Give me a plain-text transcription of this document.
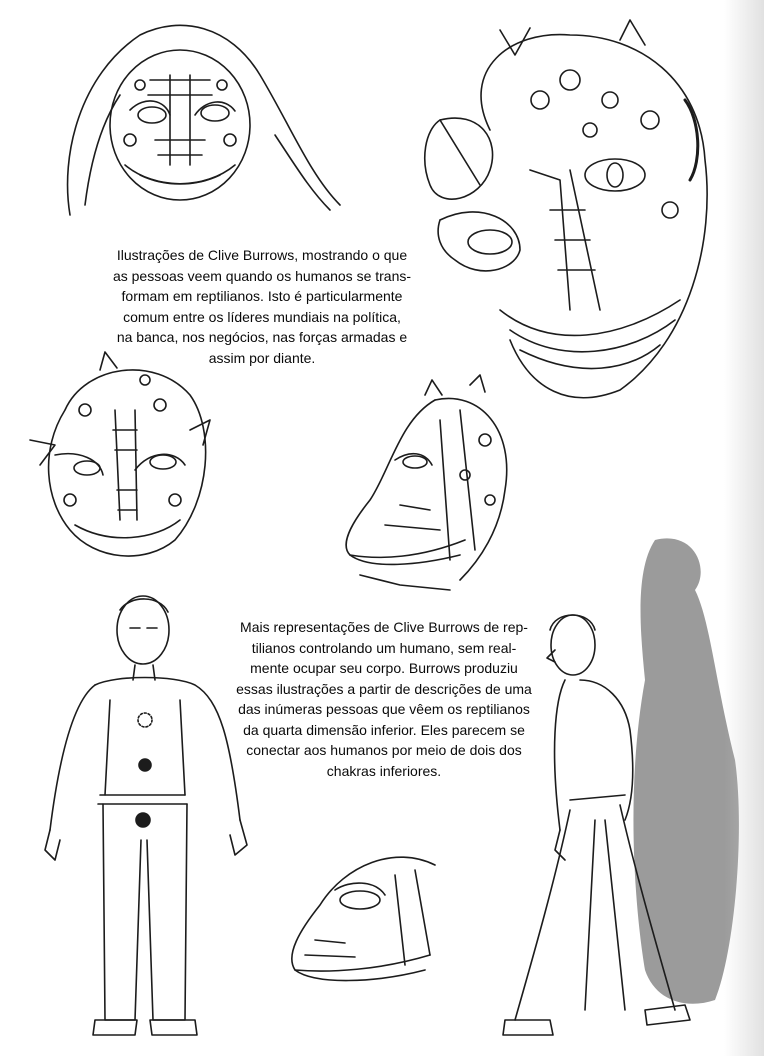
Ilustrações de Clive Burrows, mostrando o que
as pessoas veem quando os humanos se trans-
formam em reptilianos. Isto é particularmente
comum entre os líderes mundiais na política,
na banca, nos negócios, nas forças armadas e
assim por diante.
Mais representações de Clive Burrows de rep-
tilianos controlando um humano, sem real-
mente ocupar seu corpo. Burrows produziu
essas ilustrações a partir de descrições de uma
das inúmeras pessoas que vêem os reptilianos
da quarta dimensão inferior. Eles parecem se
conectar aos humanos por meio de dois dos
chakras inferiores.
